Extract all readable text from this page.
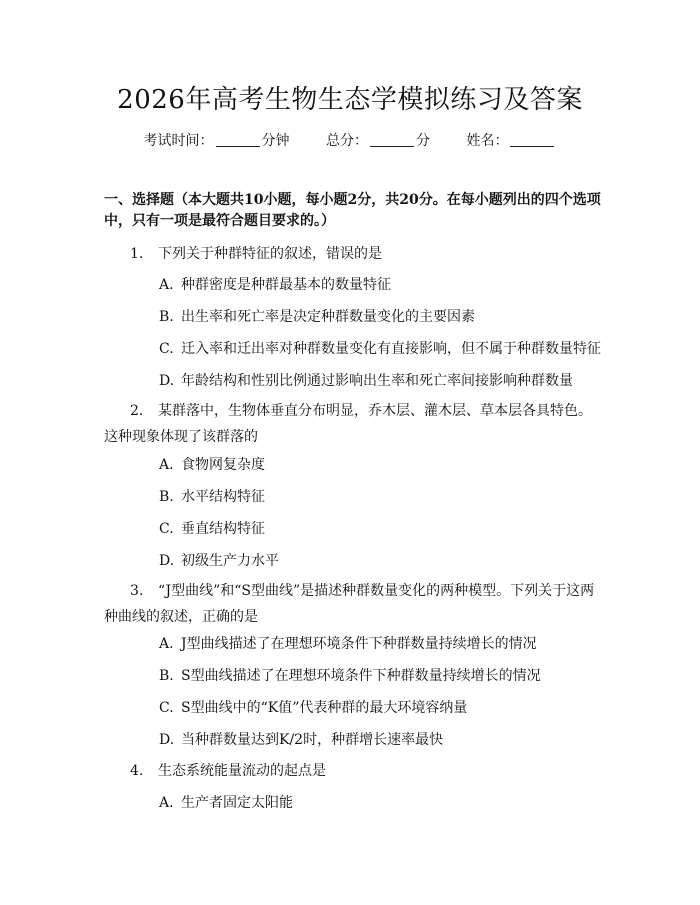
2026年高考生物生态学模拟练习及答案
考试时间：	分钟	总分：	分	姓名：
一、选择题（本大题共10小题，每小题2分，共20分。在每小题列出的四个选项中，只有一项是最符合题目要求的。）
1. 下列关于种群特征的叙述，错误的是
A. 种群密度是种群最基本的数量特征
B. 出生率和死亡率是决定种群数量变化的主要因素
C. 迁入率和迁出率对种群数量变化有直接影响，但不属于种群数量特征
D. 年龄结构和性别比例通过影响出生率和死亡率间接影响种群数量
2. 某群落中，生物体垂直分布明显，乔木层、灌木层、草本层各具特色。这种现象体现了该群落的
A. 食物网复杂度
B. 水平结构特征
C. 垂直结构特征
D. 初级生产力水平
3. “J型曲线”和“S型曲线”是描述种群数量变化的两种模型。下列关于这两种曲线的叙述，正确的是
A. J型曲线描述了在理想环境条件下种群数量持续增长的情况
B. S型曲线描述了在理想环境条件下种群数量持续增长的情况
C. S型曲线中的“K值”代表种群的最大环境容纳量
D. 当种群数量达到K/2时，种群增长速率最快
4. 生态系统能量流动的起点是
A. 生产者固定太阳能
